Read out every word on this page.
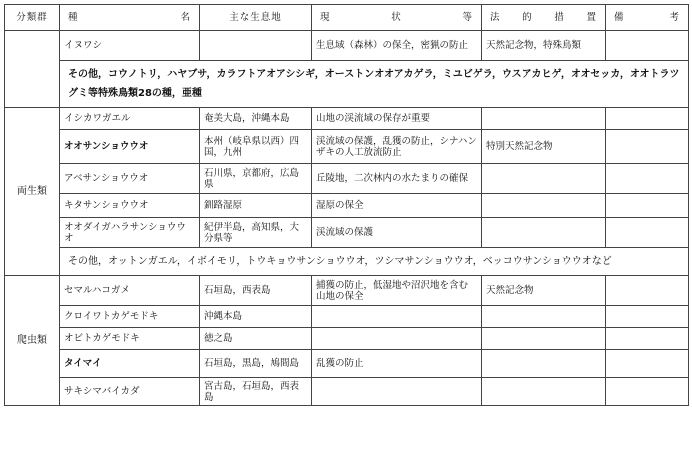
分類群	種 名	主な生息地	現 状 等	法的措置	備 考
	イヌワシ		生息域（森林）の保全，密猟の防止	天然記念物，特殊鳥類	
	その他，コウノトリ，ハヤブサ，カラフトアオアシシギ，オーストンオオアカゲラ，ミユビゲラ，ウスアカヒゲ，オオセッカ，オオトラツグミ等特殊鳥類28の種，亜種				
両生類	イシカワガエル	奄美大島，沖縄本島	山地の渓流域の保存が重要		
	オオサンショウウオ	本州（岐阜県以西）四国，九州	渓流域の保護，乱獲の防止，シナハンザキの人工放流防止	特別天然記念物	
	アベサンショウウオ	石川県，京都府，広島県	丘陵地，二次林内の水たまりの確保		
	キタサンショウウオ	釧路湿原	湿原の保全		
	オオダイガハラサンショウウオ	紀伊半島，高知県，大分県等	渓流域の保護		
	その他，オットンガエル，イボイモリ，トウキョウサンショウウオ，ツシマサンショウウオ，ベッコウサンショウウオなど				
爬虫類	セマルハコガメ	石垣島，西表島	捕獲の防止，低湿地や沼沢地を含む山地の保全	天然記念物	
	クロイワトカゲモドキ	沖縄本島			
	オビトカゲモドキ	徳之島			
	タイマイ	石垣島，黒島，鳩間島	乱獲の防止		
	サキシマバイカダ	宮古島，石垣島，西表島			
